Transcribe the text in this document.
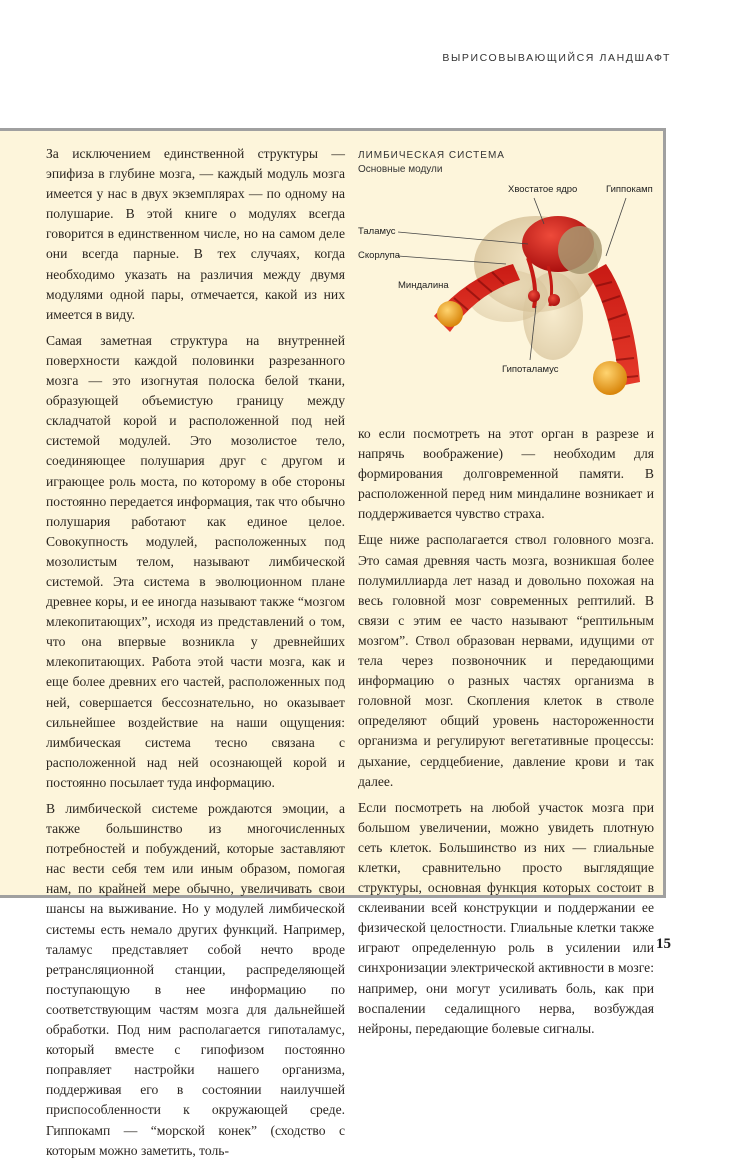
ВЫРИСОВЫВАЮЩИЙСЯ ЛАНДШАФТ

За исключением единственной структуры — эпифиза в глубине мозга, — каждый модуль мозга имеется у нас в двух экземплярах — по одному на полушарие. В этой книге о модулях всегда говорится в единственном числе, но на самом деле они всегда парные. В тех случаях, когда необходимо указать на различия между двумя модулями одной пары, отмечается, какой из них имеется в виду.

Самая заметная структура на внутренней поверхности каждой половинки разрезанного мозга — это изогнутая полоска белой ткани, образующей объемистую границу между складчатой корой и расположенной под ней системой модулей. Это мозолистое тело, соединяющее полушария друг с другом и играющее роль моста, по которому в обе стороны постоянно передается информация, так что обычно полушария работают как единое целое. Совокупность модулей, расположенных под мозолистым телом, называют лимбической системой. Эта система в эволюционном плане древнее коры, и ее иногда называют также “мозгом млекопитающих”, исходя из представлений о том, что она впервые возникла у древнейших млекопитающих. Работа этой части мозга, как и еще более древних его частей, расположенных под ней, совершается бессознательно, но оказывает сильнейшее воздействие на наши ощущения: лимбическая система тесно связана с расположенной над ней осознающей корой и постоянно посылает туда информацию.

В лимбической системе рождаются эмоции, а также большинство из многочисленных потребностей и побуждений, которые заставляют нас вести себя тем или иным образом, помогая нам, по крайней мере обычно, увеличивать свои шансы на выживание. Но у модулей лимбической системы есть немало других функций. Например, таламус представляет собой нечто вроде ретрансляционной станции, распределяющей поступающую в нее информацию по соответствующим частям мозга для дальнейшей обработки. Под ним располагается гипоталамус, который вместе с гипофизом постоянно поправляет настройки нашего организма, поддерживая его в состоянии наилучшей приспособленности к окружающей среде. Гиппокамп — “морской конек” (сходство с которым можно заметить, толь-

ЛИМБИЧЕСКАЯ СИСТЕМА
Основные модули
Хвостатое ядро	Гиппокамп
Таламус
Скорлупа
Миндалина
Гипоталамус

ко если посмотреть на этот орган в разрезе и напрячь воображение) — необходим для формирования долговременной памяти. В расположенной перед ним миндалине возникает и поддерживается чувство страха.

Еще ниже располагается ствол головного мозга. Это самая древняя часть мозга, возникшая более полумиллиарда лет назад и довольно похожая на весь головной мозг современных рептилий. В связи с этим ее часто называют “рептильным мозгом”. Ствол образован нервами, идущими от тела через позвоночник и передающими информацию о разных частях организма в головной мозг. Скопления клеток в стволе определяют общий уровень настороженности организма и регулируют вегетативные процессы: дыхание, сердцебиение, давление крови и так далее.

Если посмотреть на любой участок мозга при большом увеличении, можно увидеть плотную сеть клеток. Большинство из них — глиальные клетки, сравнительно просто выглядящие структуры, основная функция которых состоит в склеивании всей конструкции и поддержании ее физической целостности. Глиальные клетки также играют определенную роль в усилении или синхронизации электрической активности в мозге: например, они могут усиливать боль, как при воспалении седалищного нерва, возбуждая нейроны, передающие болевые сигналы.

15
